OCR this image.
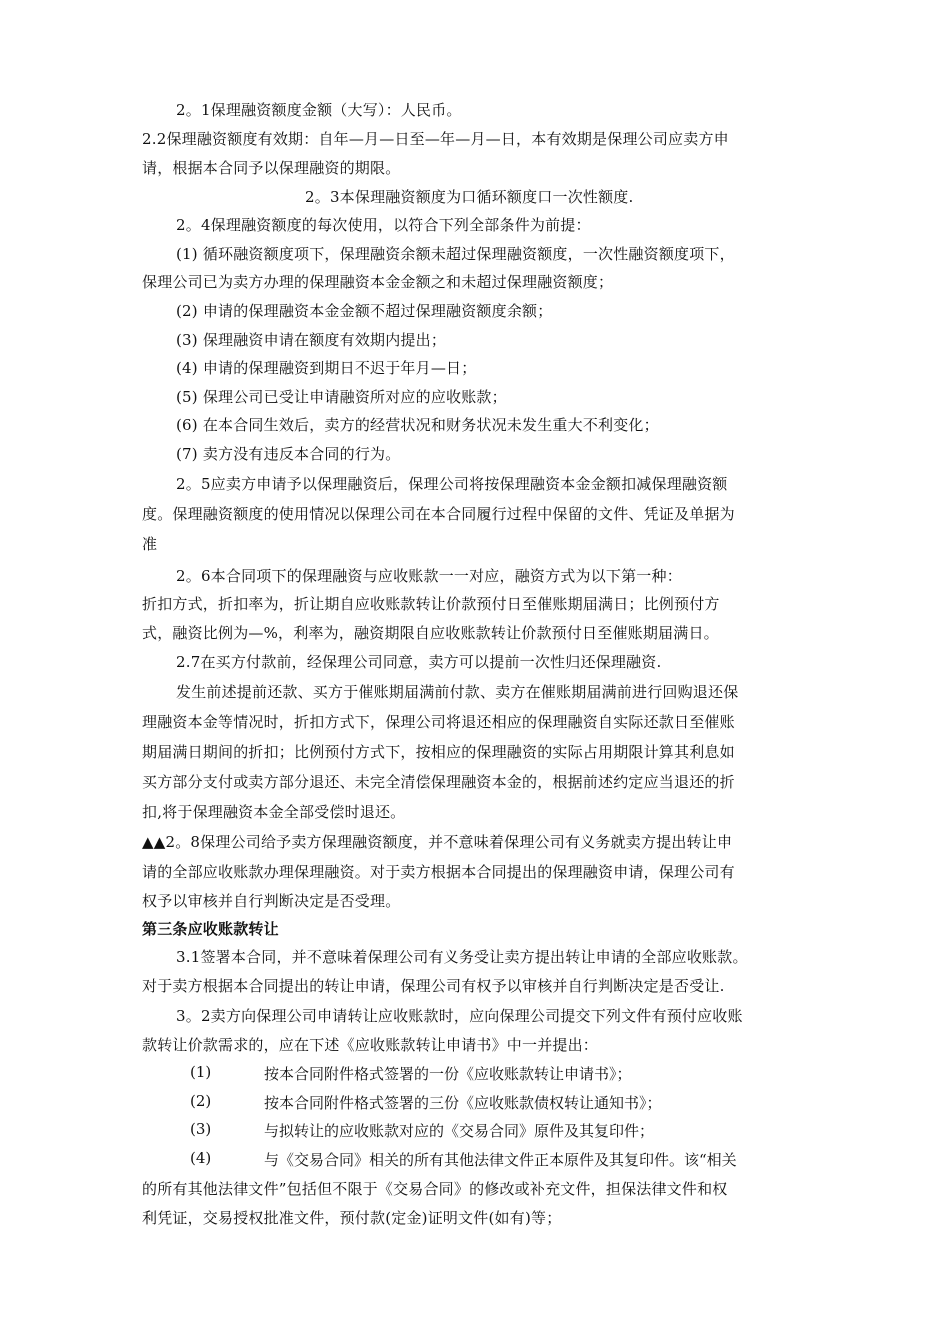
2。1保理融资额度金额（大写）：人民币。
2.2保理融资额度有效期：自年—月—日至—年—月—日，本有效期是保理公司应卖方申
请，根据本合同予以保理融资的期限。
2。3本保理融资额度为口循环额度口一次性额度.
2。4保理融资额度的每次使用，以符合下列全部条件为前提：
(1) 循环融资额度项下，保理融资余额未超过保理融资额度，一次性融资额度项下，
保理公司已为卖方办理的保理融资本金金额之和未超过保理融资额度；
(2) 申请的保理融资本金金额不超过保理融资额度余额；
(3) 保理融资申请在额度有效期内提出；
(4) 申请的保理融资到期日不迟于年月—日；
(5) 保理公司已受让申请融资所对应的应收账款；
(6) 在本合同生效后，卖方的经营状况和财务状况未发生重大不利变化；
(7) 卖方没有违反本合同的行为。
2。5应卖方申请予以保理融资后，保理公司将按保理融资本金金额扣减保理融资额
度。保理融资额度的使用情况以保理公司在本合同履行过程中保留的文件、凭证及单据为
准
2。6本合同项下的保理融资与应收账款一一对应，融资方式为以下第一种：
折扣方式，折扣率为，折让期自应收账款转让价款预付日至催账期届满日；比例预付方
式，融资比例为—%，利率为，融资期限自应收账款转让价款预付日至催账期届满日。
2.7在买方付款前，经保理公司同意，卖方可以提前一次性归还保理融资.
发生前述提前还款、买方于催账期届满前付款、卖方在催账期届满前进行回购退还保
理融资本金等情况时，折扣方式下，保理公司将退还相应的保理融资自实际还款日至催账
期届满日期间的折扣；比例预付方式下，按相应的保理融资的实际占用期限计算其利息如
买方部分支付或卖方部分退还、未完全清偿保理融资本金的，根据前述约定应当退还的折
扣,将于保理融资本金全部受偿时退还。
▲▲2。8保理公司给予卖方保理融资额度，并不意味着保理公司有义务就卖方提出转让申
请的全部应收账款办理保理融资。对于卖方根据本合同提出的保理融资申请，保理公司有
权予以审核并自行判断决定是否受理。
第三条应收账款转让
3.1签署本合同，并不意味着保理公司有义务受让卖方提出转让申请的全部应收账款。
对于卖方根据本合同提出的转让申请，保理公司有权予以审核并自行判断决定是否受让.
3。2卖方向保理公司申请转让应收账款时，应向保理公司提交下列文件有预付应收账
款转让价款需求的，应在下述《应收账款转让申请书》中一并提出：
(1)	按本合同附件格式签署的一份《应收账款转让申请书》；
(2)	按本合同附件格式签署的三份《应收账款债权转让通知书》；
(3)	与拟转让的应收账款对应的《交易合同》原件及其复印件；
(4)	与《交易合同》相关的所有其他法律文件正本原件及其复印件。该“相关
的所有其他法律文件”包括但不限于《交易合同》的修改或补充文件，担保法律文件和权
利凭证，交易授权批准文件，预付款(定金)证明文件(如有)等；
